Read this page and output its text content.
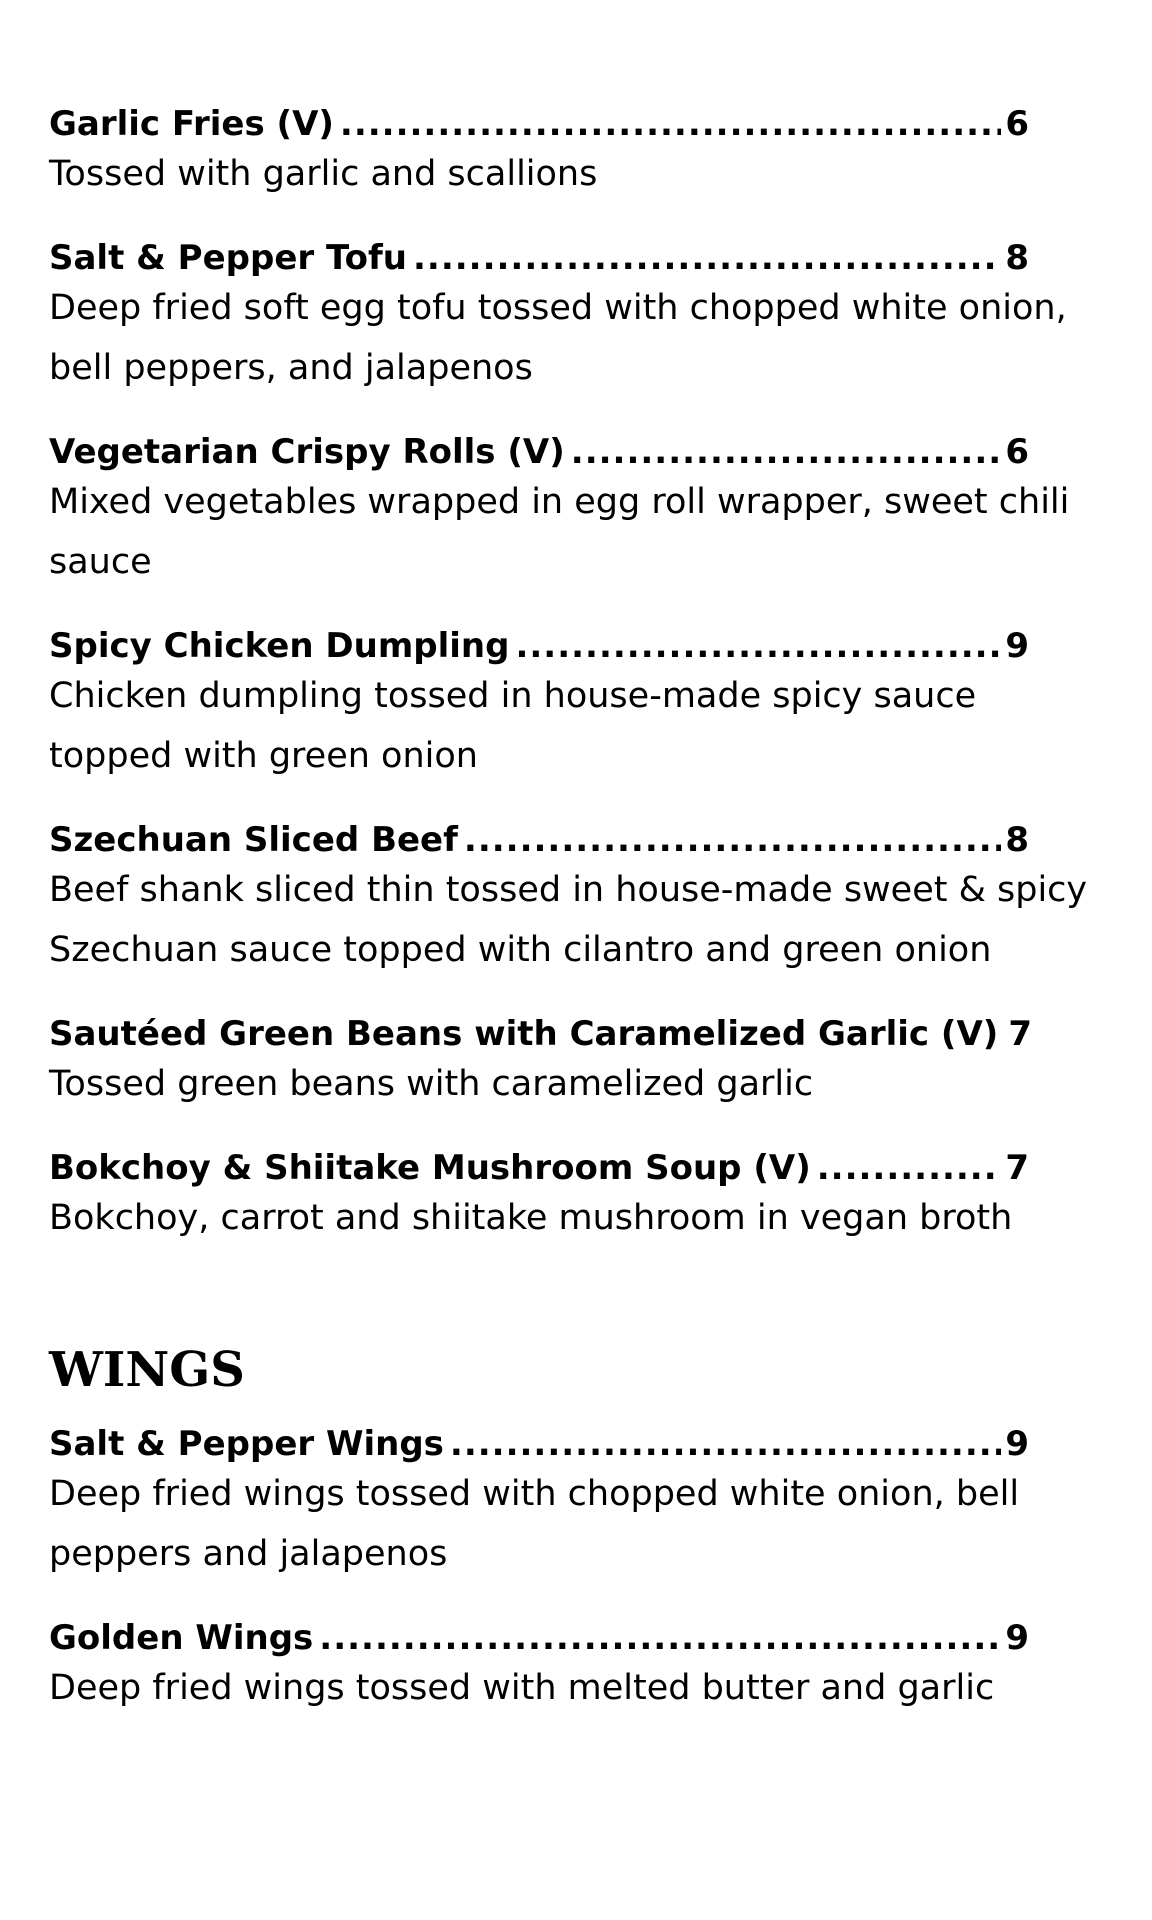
Garlic Fries (V) .....	6
Tossed with garlic and scallions
Salt & Pepper Tofu .....	8
Deep fried soft egg tofu tossed with chopped white onion, bell peppers, and jalapenos
Vegetarian Crispy Rolls (V) .....	6
Mixed vegetables wrapped in egg roll wrapper, sweet chili sauce
Spicy Chicken Dumpling .....	9
Chicken dumpling tossed in house-made spicy sauce topped with green onion
Szechuan Sliced Beef .....	8
Beef shank sliced thin tossed in house-made sweet & spicy Szechuan sauce topped with cilantro and green onion
Sautéed Green Beans with Caramelized Garlic (V) 7
Tossed green beans with caramelized garlic
Bokchoy & Shiitake Mushroom Soup (V) .....	7
Bokchoy, carrot and shiitake mushroom in vegan broth
WINGS
Salt & Pepper Wings .....	9
Deep fried wings tossed with chopped white onion, bell peppers and jalapenos
Golden Wings .....	9
Deep fried wings tossed with melted butter and garlic
